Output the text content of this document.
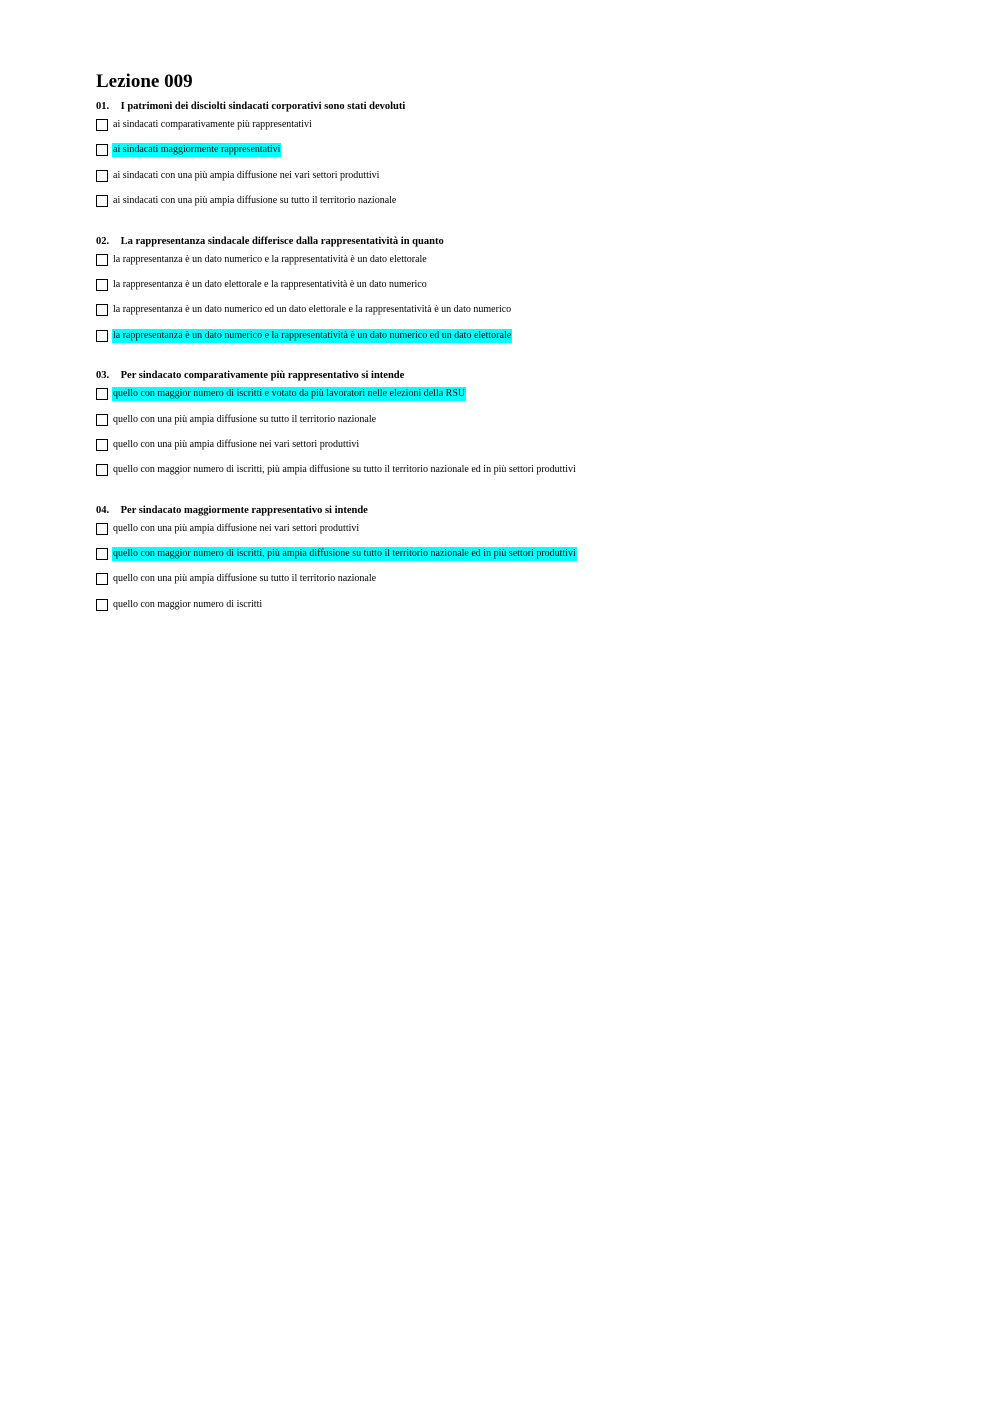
Lezione 009
01. I patrimoni dei disciolti sindacati corporativi sono stati devoluti
ai sindacati comparativamente più rappresentativi
ai sindacati maggiormente rappresentativi
ai sindacati con una più ampia diffusione nei vari settori produttivi
ai sindacati con una più ampia diffusione su tutto il territorio nazionale
02. La rappresentanza sindacale differisce dalla rappresentatività in quanto
la rappresentanza è un dato numerico e la rappresentatività è un dato elettorale
la rappresentanza è un dato elettorale e la rappresentatività è un dato numerico
la rappresentanza è un dato numerico ed un dato elettorale e la rappresentatività è un dato numerico
la rappresentanza è un dato numerico e la rappresentatività è un dato numerico ed un dato elettorale
03. Per sindacato comparativamente più rappresentativo si intende
quello con maggior numero di iscritti e votato da più lavoratori nelle elezioni della RSU
quello con una più ampia diffusione su tutto il territorio nazionale
quello con una più ampia diffusione nei vari settori produttivi
quello con maggior numero di iscritti, più ampia diffusione su tutto il territorio nazionale ed in più settori produttivi
04. Per sindacato maggiormente rappresentativo si intende
quello con una più ampia diffusione nei vari settori produttivi
quello con maggior numero di iscritti, più ampia diffusione su tutto il territorio nazionale ed in più settori produttivi
quello con una più ampia diffusione su tutto il territorio nazionale
quello con maggior numero di iscritti
